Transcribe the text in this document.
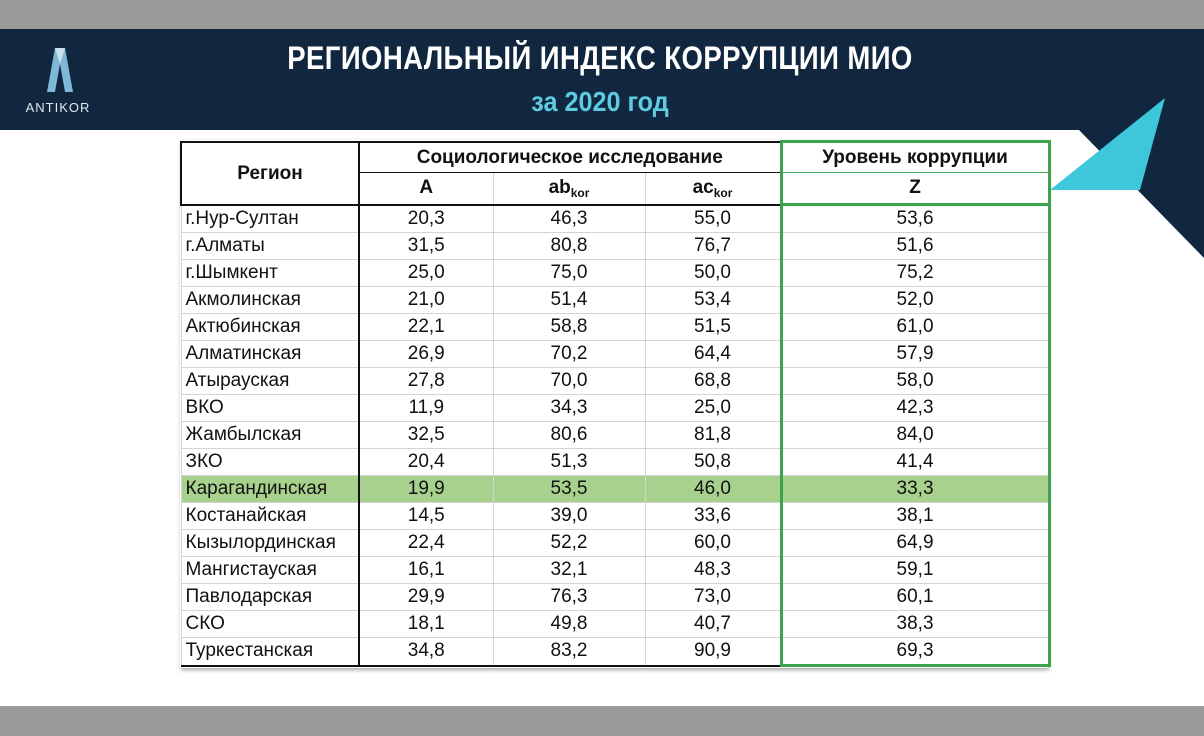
ANTIKOR
РЕГИОНАЛЬНЫЙ ИНДЕКС КОРРУПЦИИ МИО
за 2020 год
Регион	Социологическое исследование			Уровень коррупции
	A	$ab_{kor}$	$ac_{kor}$	Z
г.Нур-Султан	20,3	46,3	55,0	53,6
г.Алматы	31,5	80,8	76,7	51,6
г.Шымкент	25,0	75,0	50,0	75,2
Акмолинская	21,0	51,4	53,4	52,0
Актюбинская	22,1	58,8	51,5	61,0
Алматинская	26,9	70,2	64,4	57,9
Атырауская	27,8	70,0	68,8	58,0
ВКО	11,9	34,3	25,0	42,3
Жамбылская	32,5	80,6	81,8	84,0
ЗКО	20,4	51,3	50,8	41,4
Карагандинская	19,9	53,5	46,0	33,3
Костанайская	14,5	39,0	33,6	38,1
Кызылординская	22,4	52,2	60,0	64,9
Мангистауская	16,1	32,1	48,3	59,1
Павлодарская	29,9	76,3	73,0	60,1
СКО	18,1	49,8	40,7	38,3
Туркестанская	34,8	83,2	90,9	69,3
